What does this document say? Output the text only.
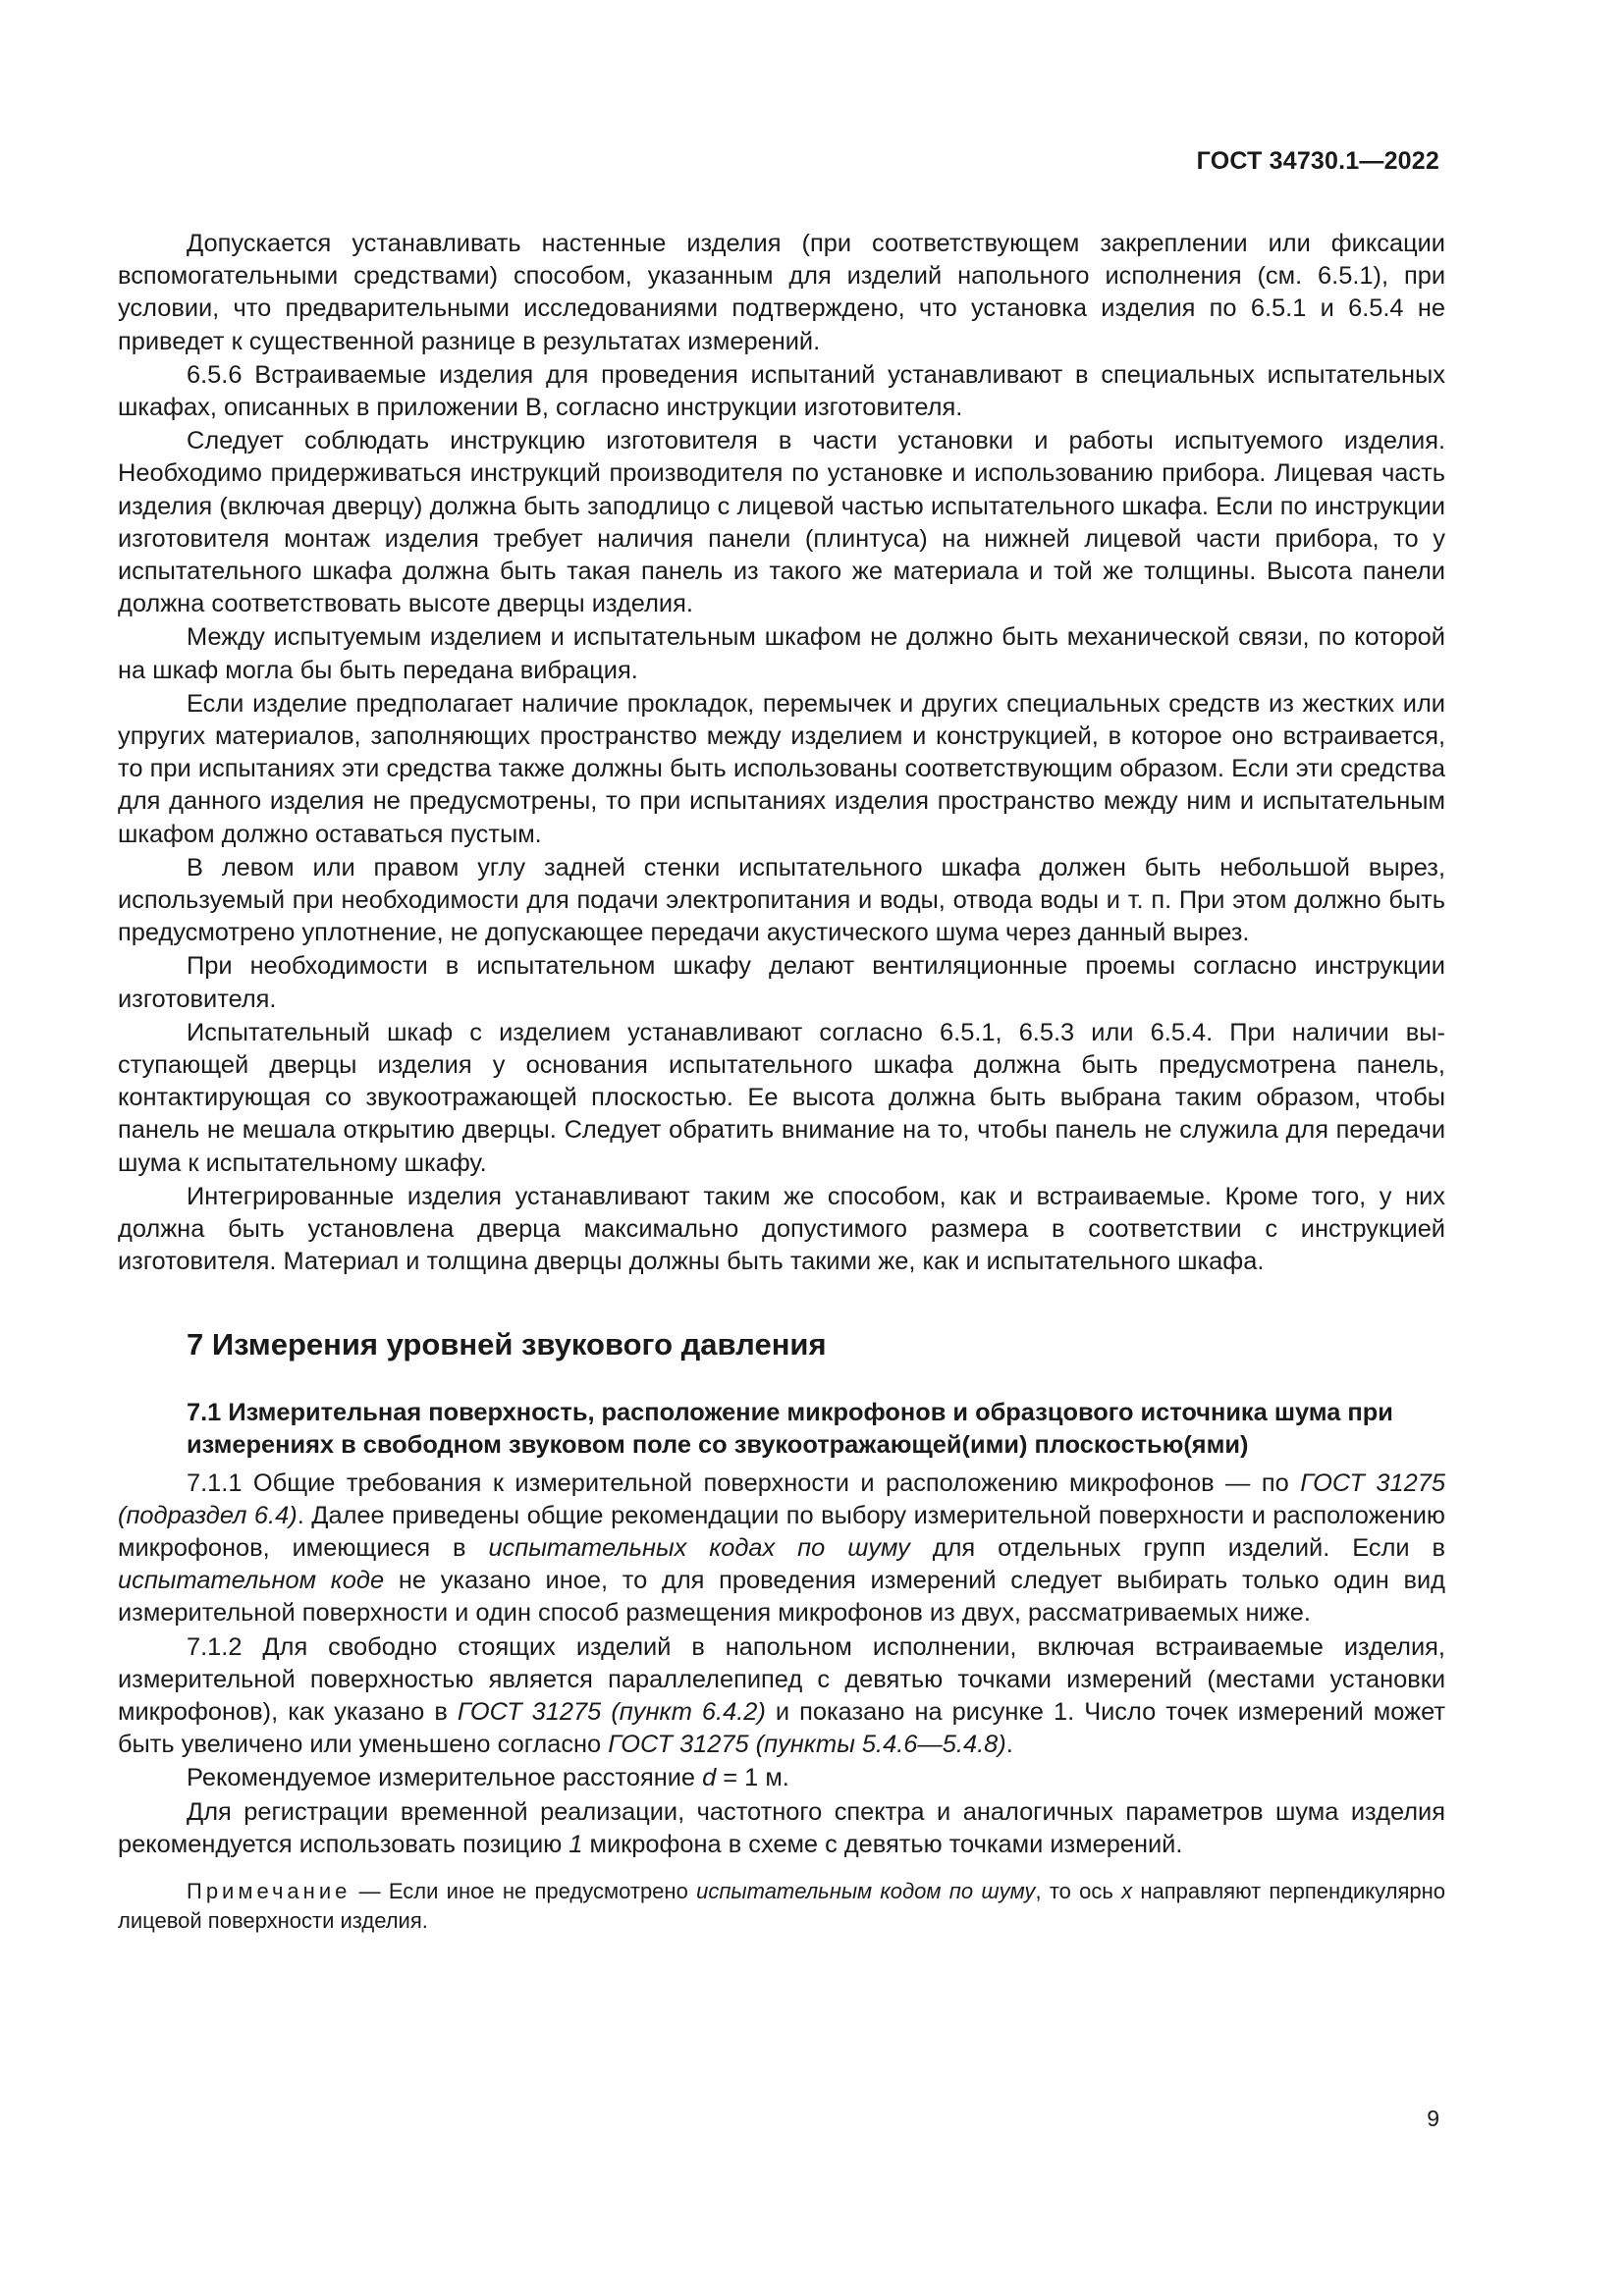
ГОСТ 34730.1—2022

Допускается устанавливать настенные изделия (при соответствующем закреплении или фиксации вспомогательными средствами) способом, указанным для изделий напольного исполнения (см. 6.5.1), при условии, что предварительными исследованиями подтверждено, что установка изделия по 6.5.1 и 6.5.4 не приведет к существенной разнице в результатах измерений.

6.5.6 Встраиваемые изделия для проведения испытаний устанавливают в специальных испытательных шкафах, описанных в приложении В, согласно инструкции изготовителя.

Следует соблюдать инструкцию изготовителя в части установки и работы испытуемого изделия. Необходимо придерживаться инструкций производителя по установке и использованию прибора. Лицевая часть изделия (включая дверцу) должна быть заподлицо с лицевой частью испытательного шкафа. Если по инструкции изготовителя монтаж изделия требует наличия панели (плинтуса) на нижней лицевой части прибора, то у испытательного шкафа должна быть такая панель из такого же материала и той же толщины. Высота панели должна соответствовать высоте дверцы изделия.

Между испытуемым изделием и испытательным шкафом не должно быть механической связи, по которой на шкаф могла бы быть передана вибрация.

Если изделие предполагает наличие прокладок, перемычек и других специальных средств из жестких или упругих материалов, заполняющих пространство между изделием и конструкцией, в которое оно встраивается, то при испытаниях эти средства также должны быть использованы соответствующим образом. Если эти средства для данного изделия не предусмотрены, то при испытаниях изделия пространство между ним и испытательным шкафом должно оставаться пустым.

В левом или правом углу задней стенки испытательного шкафа должен быть небольшой вырез, используемый при необходимости для подачи электропитания и воды, отвода воды и т. п. При этом должно быть предусмотрено уплотнение, не допускающее передачи акустического шума через данный вырез.

При необходимости в испытательном шкафу делают вентиляционные проемы согласно инструкции изготовителя.

Испытательный шкаф с изделием устанавливают согласно 6.5.1, 6.5.3 или 6.5.4. При наличии выступающей дверцы изделия у основания испытательного шкафа должна быть предусмотрена панель, контактирующая со звукоотражающей плоскостью. Ее высота должна быть выбрана таким образом, чтобы панель не мешала открытию дверцы. Следует обратить внимание на то, чтобы панель не служила для передачи шума к испытательному шкафу.

Интегрированные изделия устанавливают таким же способом, как и встраиваемые. Кроме того, у них должна быть установлена дверца максимально допустимого размера в соответствии с инструкцией изготовителя. Материал и толщина дверцы должны быть такими же, как и испытательного шкафа.

7 Измерения уровней звукового давления
7.1 Измерительная поверхность, расположение микрофонов и образцового источника шума при измерениях в свободном звуковом поле со звукоотражающей(ими) плоскостью(ями)

7.1.1 Общие требования к измерительной поверхности и расположению микрофонов — по ГОСТ 31275 (подраздел 6.4). Далее приведены общие рекомендации по выбору измерительной поверхности и расположению микрофонов, имеющиеся в испытательных кодах по шуму для отдельных групп изделий. Если в испытательном коде не указано иное, то для проведения измерений следует выбирать только один вид измерительной поверхности и один способ размещения микрофонов из двух, рассматриваемых ниже.

7.1.2 Для свободно стоящих изделий в напольном исполнении, включая встраиваемые изделия, измерительной поверхностью является параллелепипед с девятью точками измерений (местами установки микрофонов), как указано в ГОСТ 31275 (пункт 6.4.2) и показано на рисунке 1. Число точек измерений может быть увеличено или уменьшено согласно ГОСТ 31275 (пункты 5.4.6—5.4.8).

Рекомендуемое измерительное расстояние d = 1 м.

Для регистрации временной реализации, частотного спектра и аналогичных параметров шума изделия рекомендуется использовать позицию 1 микрофона в схеме с девятью точками измерений.

Примечание — Если иное не предусмотрено испытательным кодом по шуму, то ось x направляют перпендикулярно лицевой поверхности изделия.

9
